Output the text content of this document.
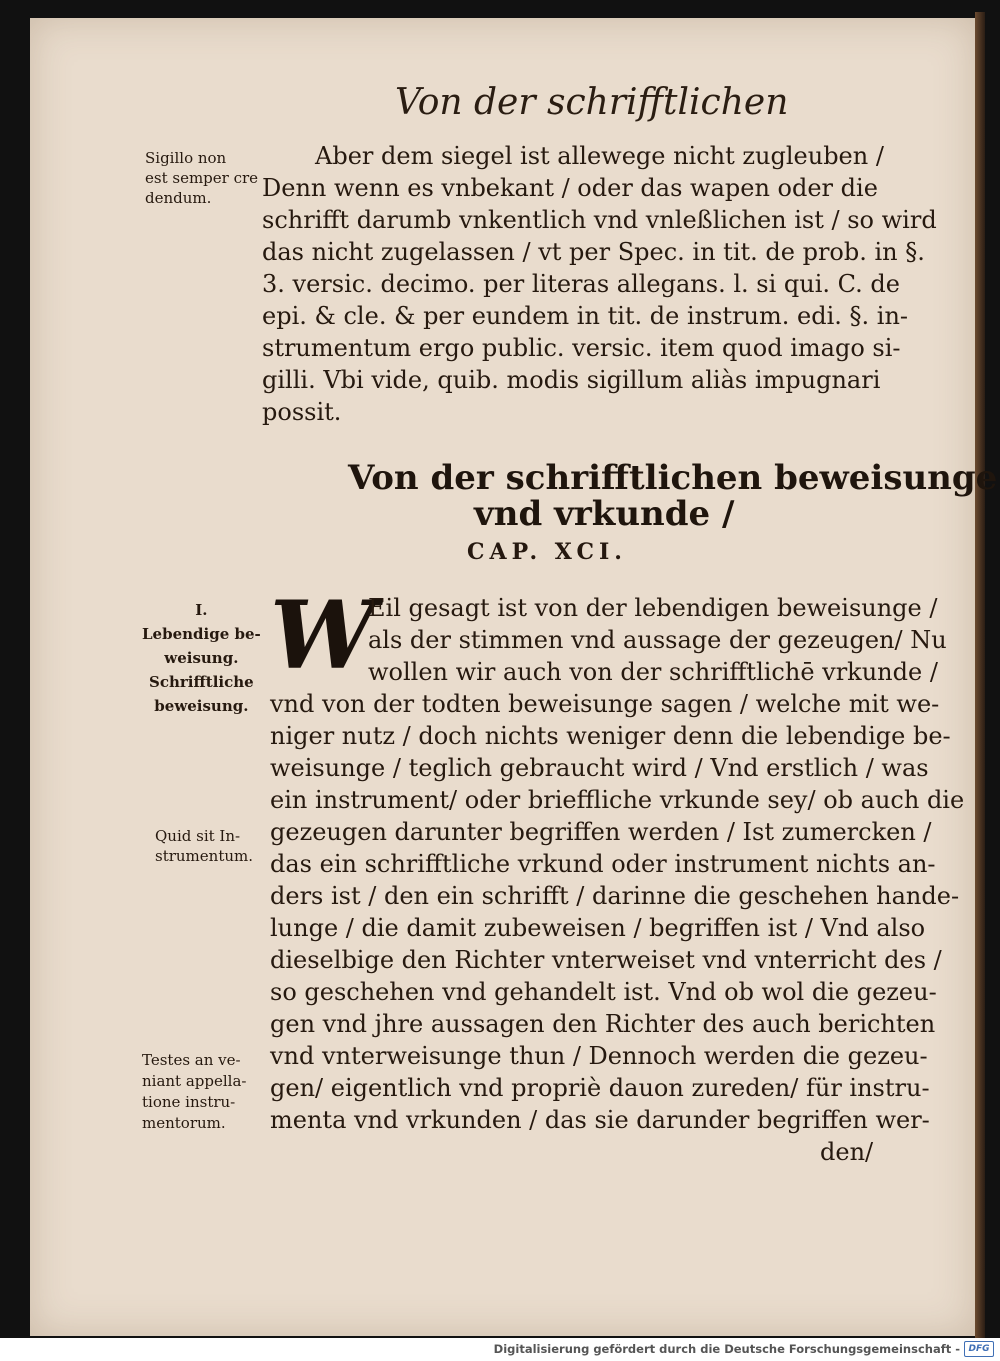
Von der schrifftlichen
Sigillo non
est semper cre
dendum.
I.
Lebendige be-
weisung.
Schrifftliche
beweisung.
Quid sit In-
strumentum.
Testes an ve-
niant appella-
tione instru-
mentorum.
Aber dem siegel ist allewege nicht zugleuben /
Denn wenn es vnbekant / oder das wapen oder die
schrifft darumb vnkentlich vnd vnleßlichen ist / so wird
das nicht zugelassen / vt per Spec. in tit. de prob. in §.
3. versic. decimo. per literas allegans. l. si qui. C. de
epi. & cle. & per eundem in tit. de instrum. edi. §. in-
strumentum ergo public. versic. item quod imago si-
gilli. Vbi vide, quib. modis sigillum aliàs impugnari
possit.
Von der schrifftlichen beweisunge
vnd vrkunde /
CAP. XCI.
W
Eil gesagt ist von der lebendigen beweisunge /
als der stimmen vnd aussage der gezeugen/ Nu
wollen wir auch von der schrifftlichē vrkunde /
vnd von der todten beweisunge sagen / welche mit we-
niger nutz / doch nichts weniger denn die lebendige be-
weisunge / teglich gebraucht wird / Vnd erstlich / was
ein instrument/ oder brieffliche vrkunde sey/ ob auch die
gezeugen darunter begriffen werden / Ist zumercken /
das ein schrifftliche vrkund oder instrument nichts an-
ders ist / den ein schrifft / darinne die geschehen hande-
lunge / die damit zubeweisen / begriffen ist / Vnd also
dieselbige den Richter vnterweiset vnd vnterricht des /
so geschehen vnd gehandelt ist. Vnd ob wol die gezeu-
gen vnd jhre aussagen den Richter des auch berichten
vnd vnterweisunge thun / Dennoch werden die gezeu-
gen/ eigentlich vnd propriè dauon zureden/ für instru-
menta vnd vrkunden / das sie darunder begriffen wer-
den/
Digitalisierung gefördert durch die Deutsche Forschungsgemeinschaft - DFG
